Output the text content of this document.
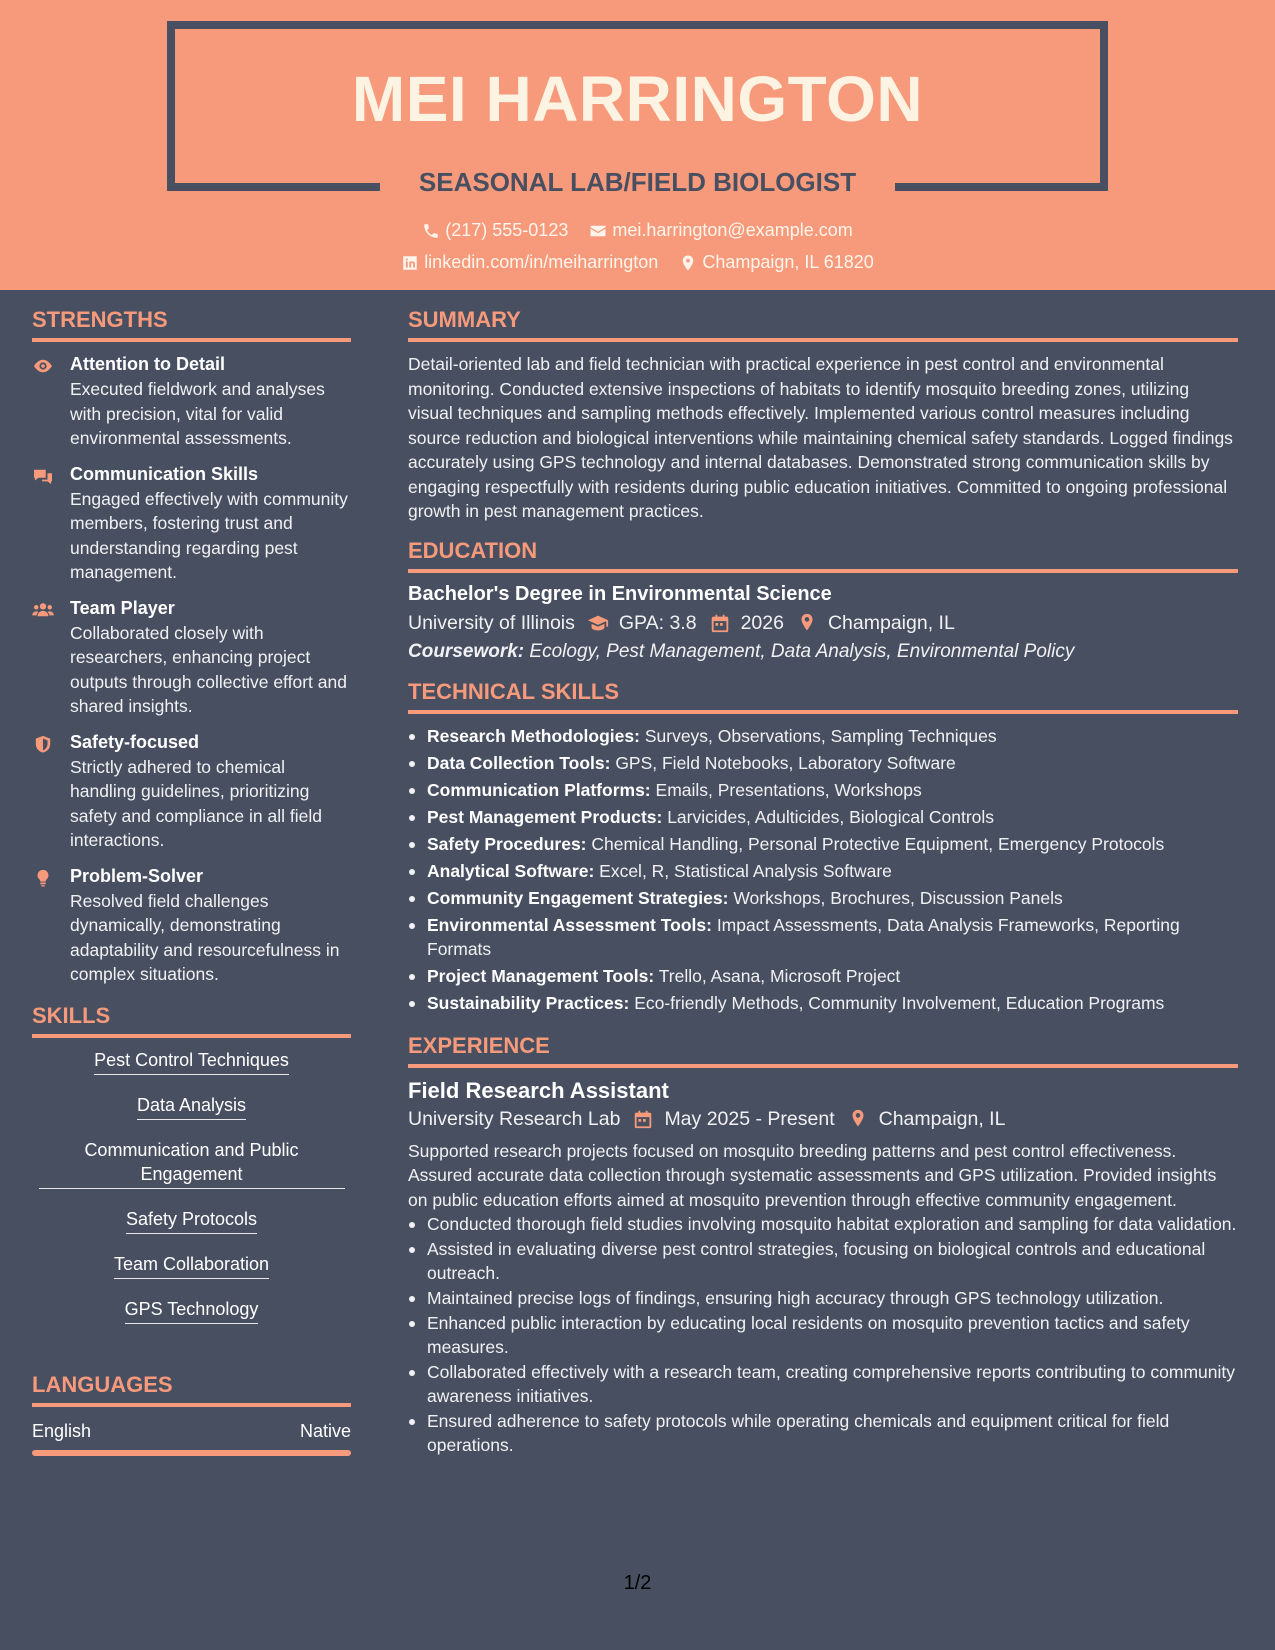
MEI HARRINGTON
SEASONAL LAB/FIELD BIOLOGIST
(217) 555-0123
mei.harrington@example.com
linkedin.com/in/meiharrington
Champaign, IL 61820
STRENGTHS
Attention to Detail

Executed fieldwork and analyses with precision, vital for valid environmental assessments.

Communication Skills

Engaged effectively with community members, fostering trust and understanding regarding pest management.

Team Player

Collaborated closely with researchers, enhancing project outputs through collective effort and shared insights.

Safety-focused

Strictly adhered to chemical handling guidelines, prioritizing safety and compliance in all field interactions.

Problem-Solver

Resolved field challenges dynamically, demonstrating adaptability and resourcefulness in complex situations.

SKILLS
Pest Control Techniques
Data Analysis
Communication and Public Engagement
Safety Protocols
Team Collaboration
GPS Technology
LANGUAGES
English	Native
SUMMARY

Detail-oriented lab and field technician with practical experience in pest control and environmental monitoring. Conducted extensive inspections of habitats to identify mosquito breeding zones, utilizing visual techniques and sampling methods effectively. Implemented various control measures including source reduction and biological interventions while maintaining chemical safety standards. Logged findings accurately using GPS technology and internal databases. Demonstrated strong communication skills by engaging respectfully with residents during public education initiatives. Committed to ongoing professional growth in pest management practices.

EDUCATION
Bachelor's Degree in Environmental Science
University of Illinois GPA: 3.8 2026 Champaign, IL
Coursework: Ecology, Pest Management, Data Analysis, Environmental Policy
TECHNICAL SKILLS
Research Methodologies: Surveys, Observations, Sampling Techniques
Data Collection Tools: GPS, Field Notebooks, Laboratory Software
Communication Platforms: Emails, Presentations, Workshops
Pest Management Products: Larvicides, Adulticides, Biological Controls
Safety Procedures: Chemical Handling, Personal Protective Equipment, Emergency Protocols
Analytical Software: Excel, R, Statistical Analysis Software
Community Engagement Strategies: Workshops, Brochures, Discussion Panels
Environmental Assessment Tools: Impact Assessments, Data Analysis Frameworks, Reporting Formats
Project Management Tools: Trello, Asana, Microsoft Project
Sustainability Practices: Eco-friendly Methods, Community Involvement, Education Programs
EXPERIENCE
Field Research Assistant
University Research Lab May 2025 - Present Champaign, IL

Supported research projects focused on mosquito breeding patterns and pest control effectiveness. Assured accurate data collection through systematic assessments and GPS utilization. Provided insights on public education efforts aimed at mosquito prevention through effective community engagement.

Conducted thorough field studies involving mosquito habitat exploration and sampling for data validation.
Assisted in evaluating diverse pest control strategies, focusing on biological controls and educational outreach.
Maintained precise logs of findings, ensuring high accuracy through GPS technology utilization.
Enhanced public interaction by educating local residents on mosquito prevention tactics and safety measures.
Collaborated effectively with a research team, creating comprehensive reports contributing to community awareness initiatives.
Ensured adherence to safety protocols while operating chemicals and equipment critical for field operations.
1/2
